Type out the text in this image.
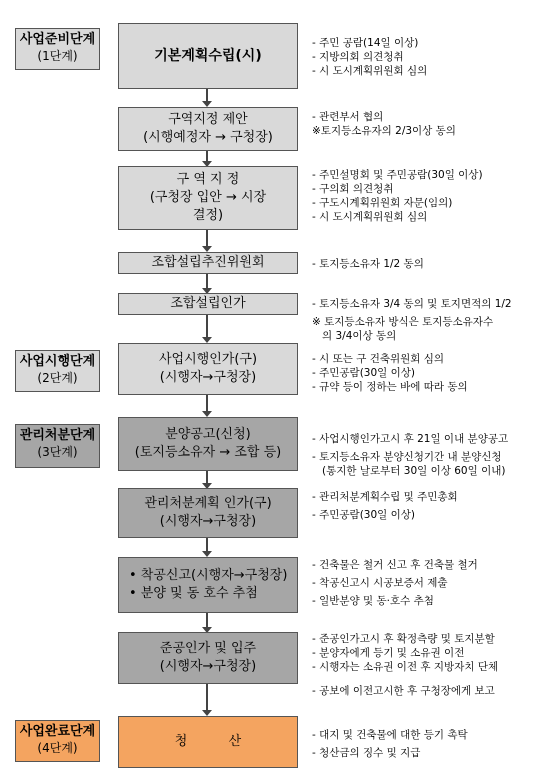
사업준비단계
(1단계)
사업시행단계
(2단계)
관리처분단계
(3단계)
사업완료단계
(4단계)
기본계획수립(시)
구역지정 제안
(시행예정자 → 구청장)
구 역 지 정
(구청장 입안 → 시장
결정)
조합설립추진위원회
조합설립인가
사업시행인가(구)
(시행자→구청장)
분양공고(신청)
(토지등소유자 → 조합 등)
관리처분계획 인가(구)
(시행자→구청장)
• 착공신고(시행자→구청장)
• 분양 및 동 호수 추첨
준공인가 및 입주
(시행자→구청장)
청          산
- 주민 공람(14일 이상)
- 지방의회 의견청취
- 시 도시계획위원회 심의
- 관련부서 협의
※토지등소유자의 2/3이상 동의
- 주민설명회 및 주민공람(30일 이상)
- 구의회 의견청취
- 구도시계획위원회 자문(임의)
- 시 도시계획위원회 심의
- 토지등소유자 1/2 동의
- 토지등소유자 3/4 동의 및 토지면적의 1/2
※ 토지등소유자 방식은 토지등소유자수
의 3/4이상 동의
- 시 또는 구 건축위원회 심의
- 주민공람(30일 이상)
- 규약 등이 정하는 바에 따라 동의
- 사업시행인가고시 후 21일 이내 분양공고
- 토지등소유자 분양신청기간 내 분양신청
(통지한 날로부터 30일 이상 60일 이내)
- 관리처분계획수립 및 주민총회
- 주민공람(30일 이상)
- 건축물은 철거 신고 후 건축물 철거
- 착공신고시 시공보증서 제출
- 일반분양 및 동·호수 추첨
- 준공인가고시 후 확정측량 및 토지분할
- 분양자에게 등기 및 소유권 이전
- 시행자는 소유권 이전 후 지방자치 단체
- 공보에 이전고시한 후 구청장에게 보고
- 대지 및 건축물에 대한 등기 촉탁
- 청산금의 징수 및 지급
